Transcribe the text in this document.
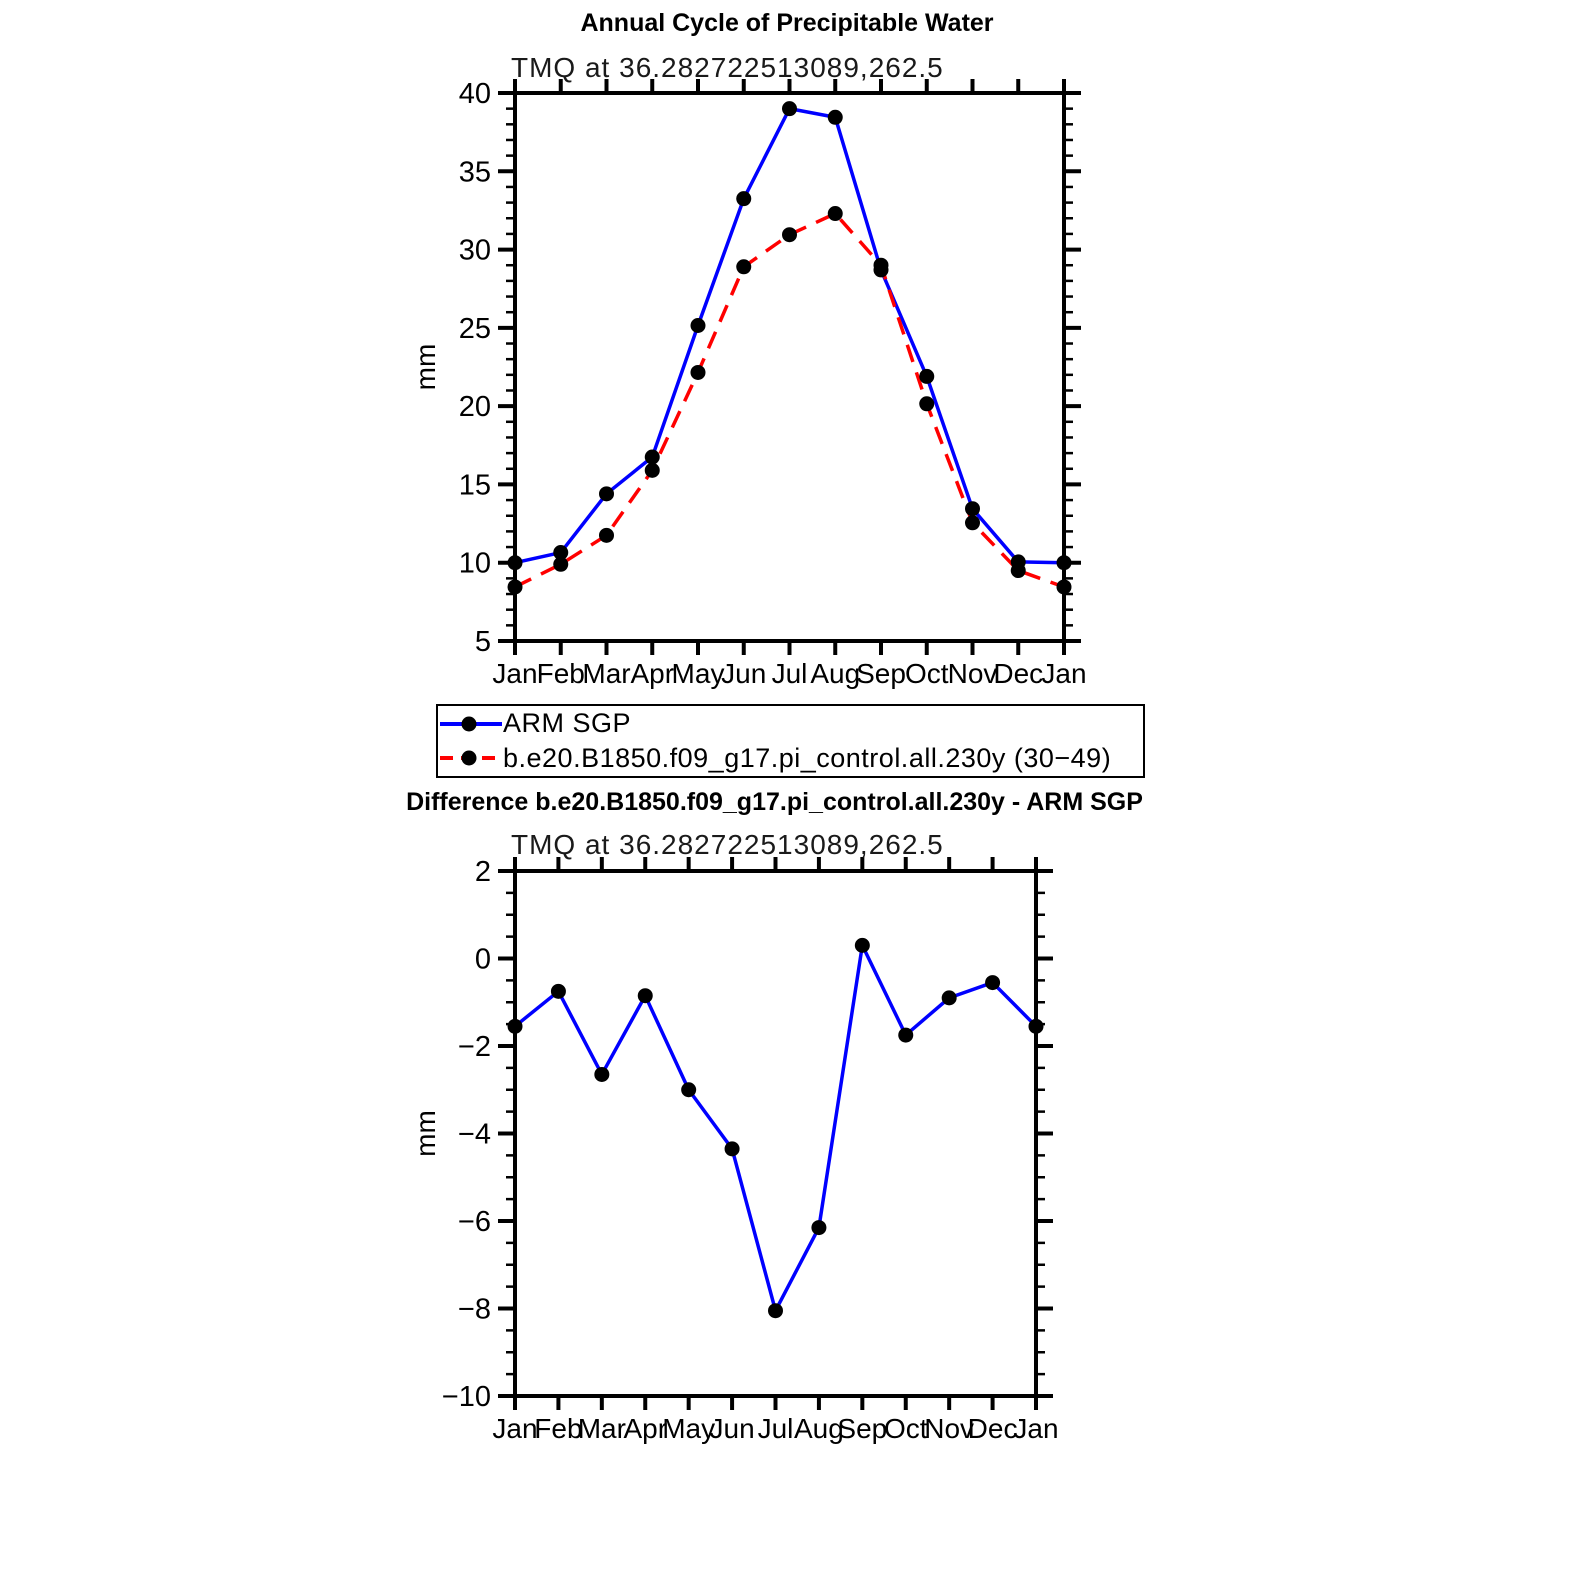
Annual Cycle of Precipitable Water
TMQ at 36.282722513089,262.5
5
10
15
20
25
30
35
40
Jan Feb
Mar Apr
May
Jun Jul Aug
Sep Oct Nov
Dec
Jan
mm
−10
−8
−6
−4
−2
0
2
Jan
Feb
Mar
Apr
May
Jun Jul Aug
Sep
Oct
Nov
Dec
Jan
mm
ARM SGP
b.e20.B1850.f09_g17.pi_control.all.230y (30−49)
Difference b.e20.B1850.f09_g17.pi_control.all.230y - ARM SGP
TMQ at 36.282722513089,262.5
